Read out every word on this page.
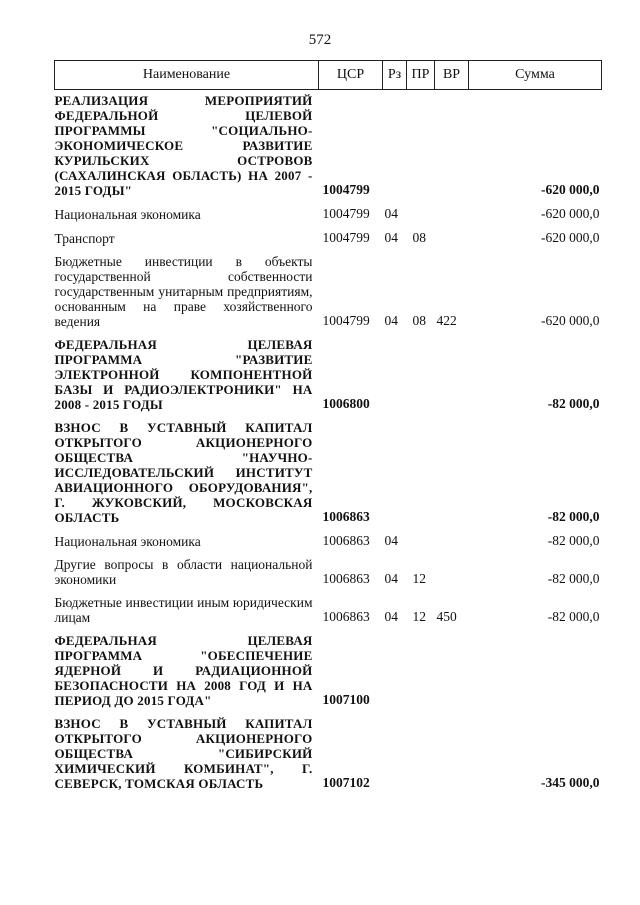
572
Наименование	ЦСР	Рз	ПР	ВР	Сумма
РЕАЛИЗАЦИЯ МЕРОПРИЯТИЙ ФЕДЕРАЛЬНОЙ ЦЕЛЕВОЙ ПРОГРАММЫ "СОЦИАЛЬНО-ЭКОНОМИЧЕСКОЕ РАЗВИТИЕ КУРИЛЬСКИХ ОСТРОВОВ (САХАЛИНСКАЯ ОБЛАСТЬ) НА 2007 - 2015 ГОДЫ"	1004799				-620 000,0
Национальная экономика	1004799	04			-620 000,0
Транспорт	1004799	04	08		-620 000,0
Бюджетные инвестиции в объекты государственной собственности государственным унитарным предприятиям, основанным на праве хозяйственного ведения	1004799	04	08	422	-620 000,0
ФЕДЕРАЛЬНАЯ ЦЕЛЕВАЯ ПРОГРАММА "РАЗВИТИЕ ЭЛЕКТРОННОЙ КОМПОНЕНТНОЙ БАЗЫ И РАДИОЭЛЕКТРОНИКИ" НА 2008 - 2015 ГОДЫ	1006800				-82 000,0
ВЗНОС В УСТАВНЫЙ КАПИТАЛ ОТКРЫТОГО АКЦИОНЕРНОГО ОБЩЕСТВА "НАУЧНО-ИССЛЕДОВАТЕЛЬСКИЙ ИНСТИТУТ АВИАЦИОННОГО ОБОРУДОВАНИЯ", Г. ЖУКОВСКИЙ, МОСКОВСКАЯ ОБЛАСТЬ	1006863				-82 000,0
Национальная экономика	1006863	04			-82 000,0
Другие вопросы в области национальной экономики	1006863	04	12		-82 000,0
Бюджетные инвестиции иным юридическим лицам	1006863	04	12	450	-82 000,0
ФЕДЕРАЛЬНАЯ ЦЕЛЕВАЯ ПРОГРАММА "ОБЕСПЕЧЕНИЕ ЯДЕРНОЙ И РАДИАЦИОННОЙ БЕЗОПАСНОСТИ НА 2008 ГОД И НА ПЕРИОД ДО 2015 ГОДА"	1007100				
ВЗНОС В УСТАВНЫЙ КАПИТАЛ ОТКРЫТОГО АКЦИОНЕРНОГО ОБЩЕСТВА "СИБИРСКИЙ ХИМИЧЕСКИЙ КОМБИНАТ", Г. СЕВЕРСК, ТОМСКАЯ ОБЛАСТЬ	1007102				-345 000,0
